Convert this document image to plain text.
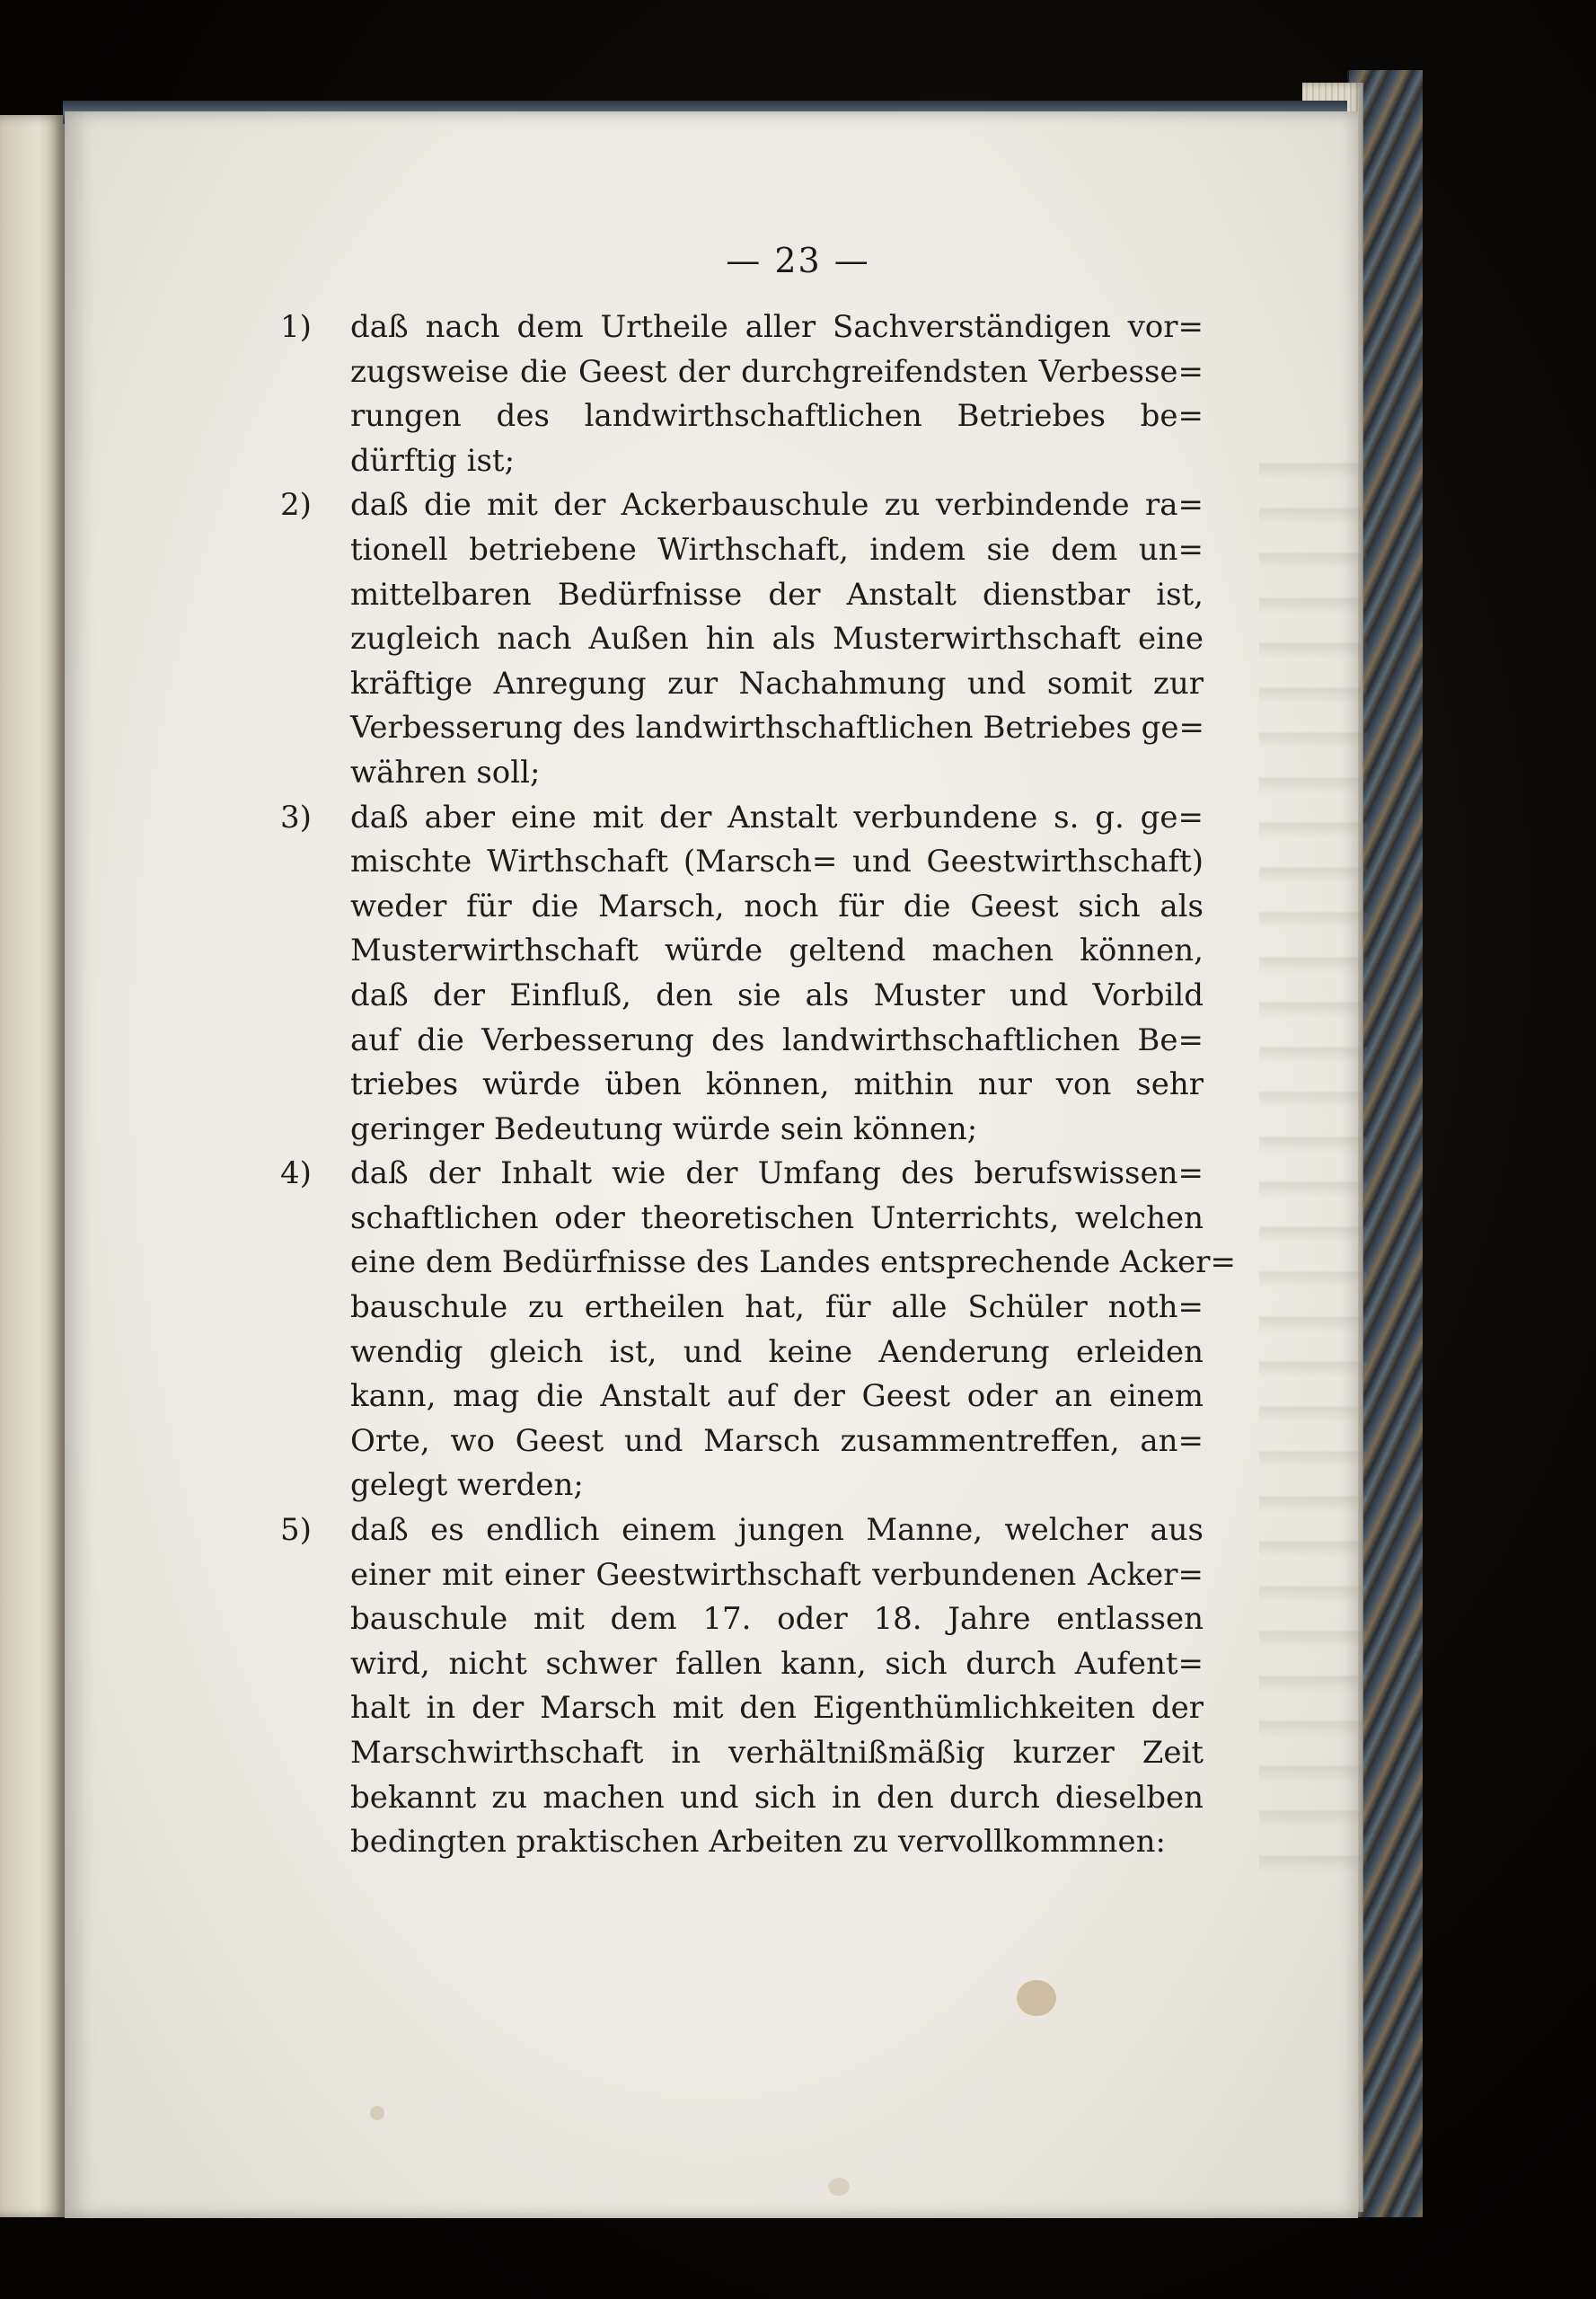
— 23 —
1)	daß nach dem Urtheile aller Sachverständigen vor=
zugsweise die Geest der durchgreifendsten Verbesse=
rungen des landwirthschaftlichen Betriebes be=
dürftig ist;
2)	daß die mit der Ackerbauschule zu verbindende ra=
tionell betriebene Wirthschaft, indem sie dem un=
mittelbaren Bedürfnisse der Anstalt dienstbar ist,
zugleich nach Außen hin als Musterwirthschaft eine
kräftige Anregung zur Nachahmung und somit zur
Verbesserung des landwirthschaftlichen Betriebes ge=
währen soll;
3)	daß aber eine mit der Anstalt verbundene s. g. ge=
mischte Wirthschaft (Marsch= und Geestwirthschaft)
weder für die Marsch, noch für die Geest sich als
Musterwirthschaft würde geltend machen können,
daß der Einfluß, den sie als Muster und Vorbild
auf die Verbesserung des landwirthschaftlichen Be=
triebes würde üben können, mithin nur von sehr
geringer Bedeutung würde sein können;
4)	daß der Inhalt wie der Umfang des berufswissen=
schaftlichen oder theoretischen Unterrichts, welchen
eine dem Bedürfnisse des Landes entsprechende Acker=
bauschule zu ertheilen hat, für alle Schüler noth=
wendig gleich ist, und keine Aenderung erleiden
kann, mag die Anstalt auf der Geest oder an einem
Orte, wo Geest und Marsch zusammentreffen, an=
gelegt werden;
5)	daß es endlich einem jungen Manne, welcher aus
einer mit einer Geestwirthschaft verbundenen Acker=
bauschule mit dem 17. oder 18. Jahre entlassen
wird, nicht schwer fallen kann, sich durch Aufent=
halt in der Marsch mit den Eigenthümlichkeiten der
Marschwirthschaft in verhältnißmäßig kurzer Zeit
bekannt zu machen und sich in den durch dieselben
bedingten praktischen Arbeiten zu vervollkommnen:
